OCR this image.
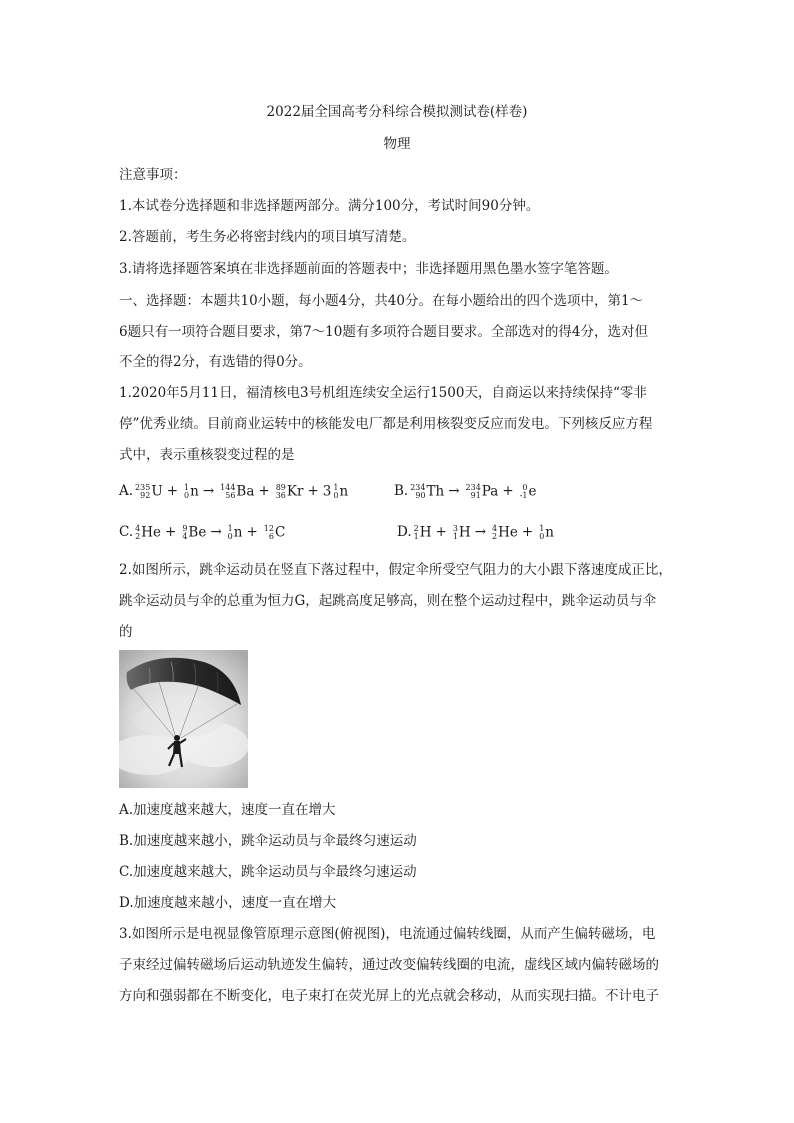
2022届全国高考分科综合模拟测试卷(样卷)
物理
注意事项：
1.本试卷分选择题和非选择题两部分。满分100分，考试时间90分钟。
2.答题前，考生务必将密封线内的项目填写清楚。
3.请将选择题答案填在非选择题前面的答题表中；非选择题用黑色墨水签字笔答题。
一、选择题：本题共10小题，每小题4分，共40分。在每小题给出的四个选项中，第1～
6题只有一项符合题目要求，第7～10题有多项符合题目要求。全部选对的得4分，选对但
不全的得2分，有选错的得0分。
1.2020年5月11日，福清核电3号机组连续安全运行1500天，自商运以来持续保持“零非
停”优秀业绩。目前商业运转中的核能发电厂都是利用核裂变反应而发电。下列核反应方程
式中，表示重核裂变过程的是
A. 235
92 U + 1
0 n → 144
56 Ba + 89
36 Kr + 3 1
0 n	B. 234
90 Th → 234
91 Pa +	0
-1 e
C. 4
2 He + 9
4 Be → 1
0 n + 12
6 C	D. 2
1 H + 3
1 H → 4
2 He + 1
0 n
2.如图所示，跳伞运动员在竖直下落过程中，假定伞所受空气阻力的大小跟下落速度成正比，
跳伞运动员与伞的总重为恒力G，起跳高度足够高，则在整个运动过程中，跳伞运动员与伞
的
A.加速度越来越大，速度一直在增大
B.加速度越来越小，跳伞运动员与伞最终匀速运动
C.加速度越来越大，跳伞运动员与伞最终匀速运动
D.加速度越来越小，速度一直在增大
3.如图所示是电视显像管原理示意图(俯视图)，电流通过偏转线圈，从而产生偏转磁场，电
子束经过偏转磁场后运动轨迹发生偏转，通过改变偏转线圈的电流，虚线区域内偏转磁场的
方向和强弱都在不断变化，电子束打在荧光屏上的光点就会移动，从而实现扫描。不计电子
